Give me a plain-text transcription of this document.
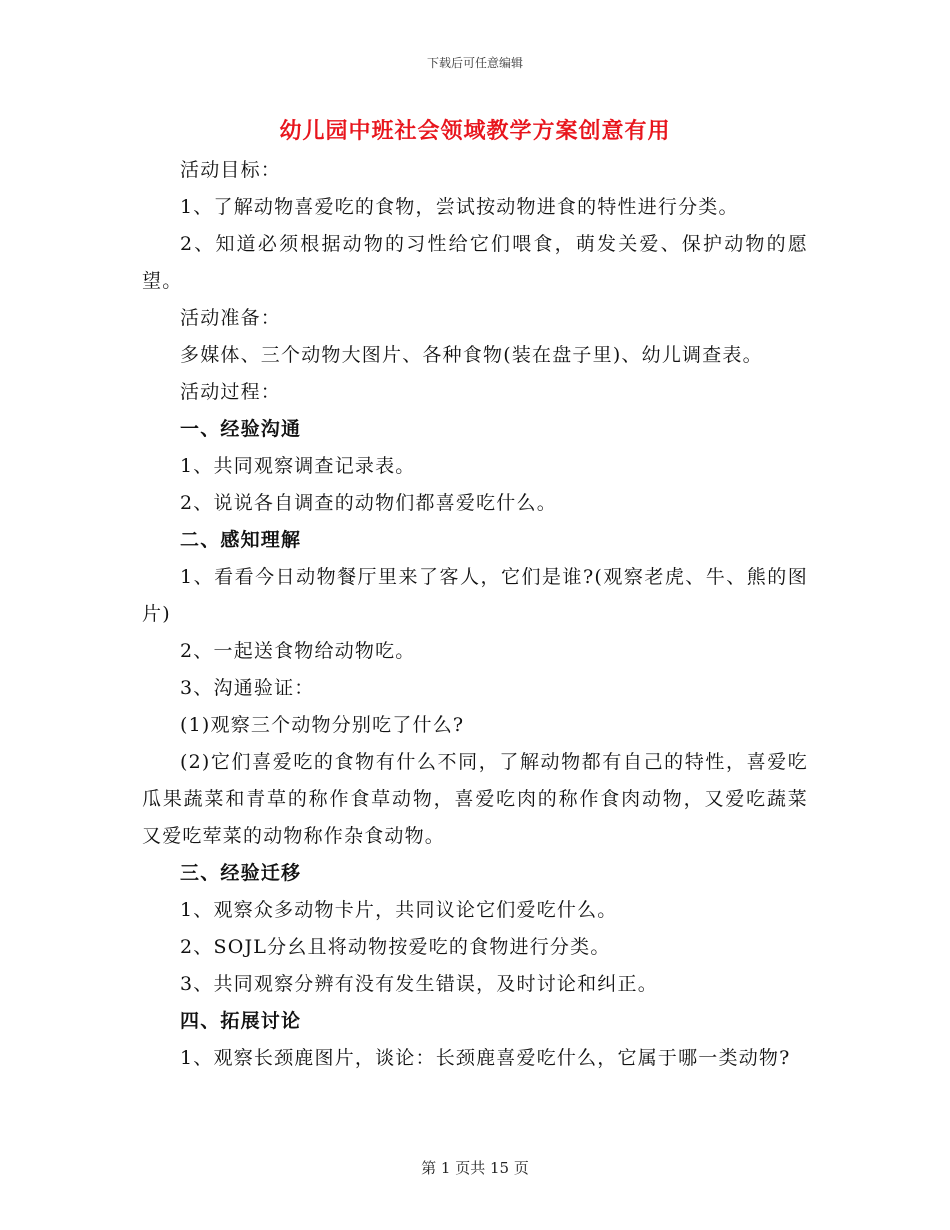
下载后可任意编辑
幼儿园中班社会领域教学方案创意有用

活动目标：

1、了解动物喜爱吃的食物，尝试按动物进食的特性进行分类。

2、知道必须根据动物的习性给它们喂食，萌发关爱、保护动物的愿望。

活动准备：

多媒体、三个动物大图片、各种食物(装在盘子里)、幼儿调查表。

活动过程：

一、经验沟通

1、共同观察调查记录表。

2、说说各自调查的动物们都喜爱吃什么。

二、感知理解

1、看看今日动物餐厅里来了客人，它们是谁?(观察老虎、牛、熊的图片)

2、一起送食物给动物吃。

3、沟通验证：

(1)观察三个动物分别吃了什么?

(2)它们喜爱吃的食物有什么不同，了解动物都有自己的特性，喜爱吃瓜果蔬菜和青草的称作食草动物，喜爱吃肉的称作食肉动物，又爱吃蔬菜又爱吃荤菜的动物称作杂食动物。

三、经验迁移

1、观察众多动物卡片，共同议论它们爱吃什么。

2、SOJL分幺且将动物按爱吃的食物进行分类。

3、共同观察分辨有没有发生错误，及时讨论和纠正。

四、拓展讨论

1、观察长颈鹿图片，谈论：长颈鹿喜爱吃什么，它属于哪一类动物?

第 1 页共 15 页
